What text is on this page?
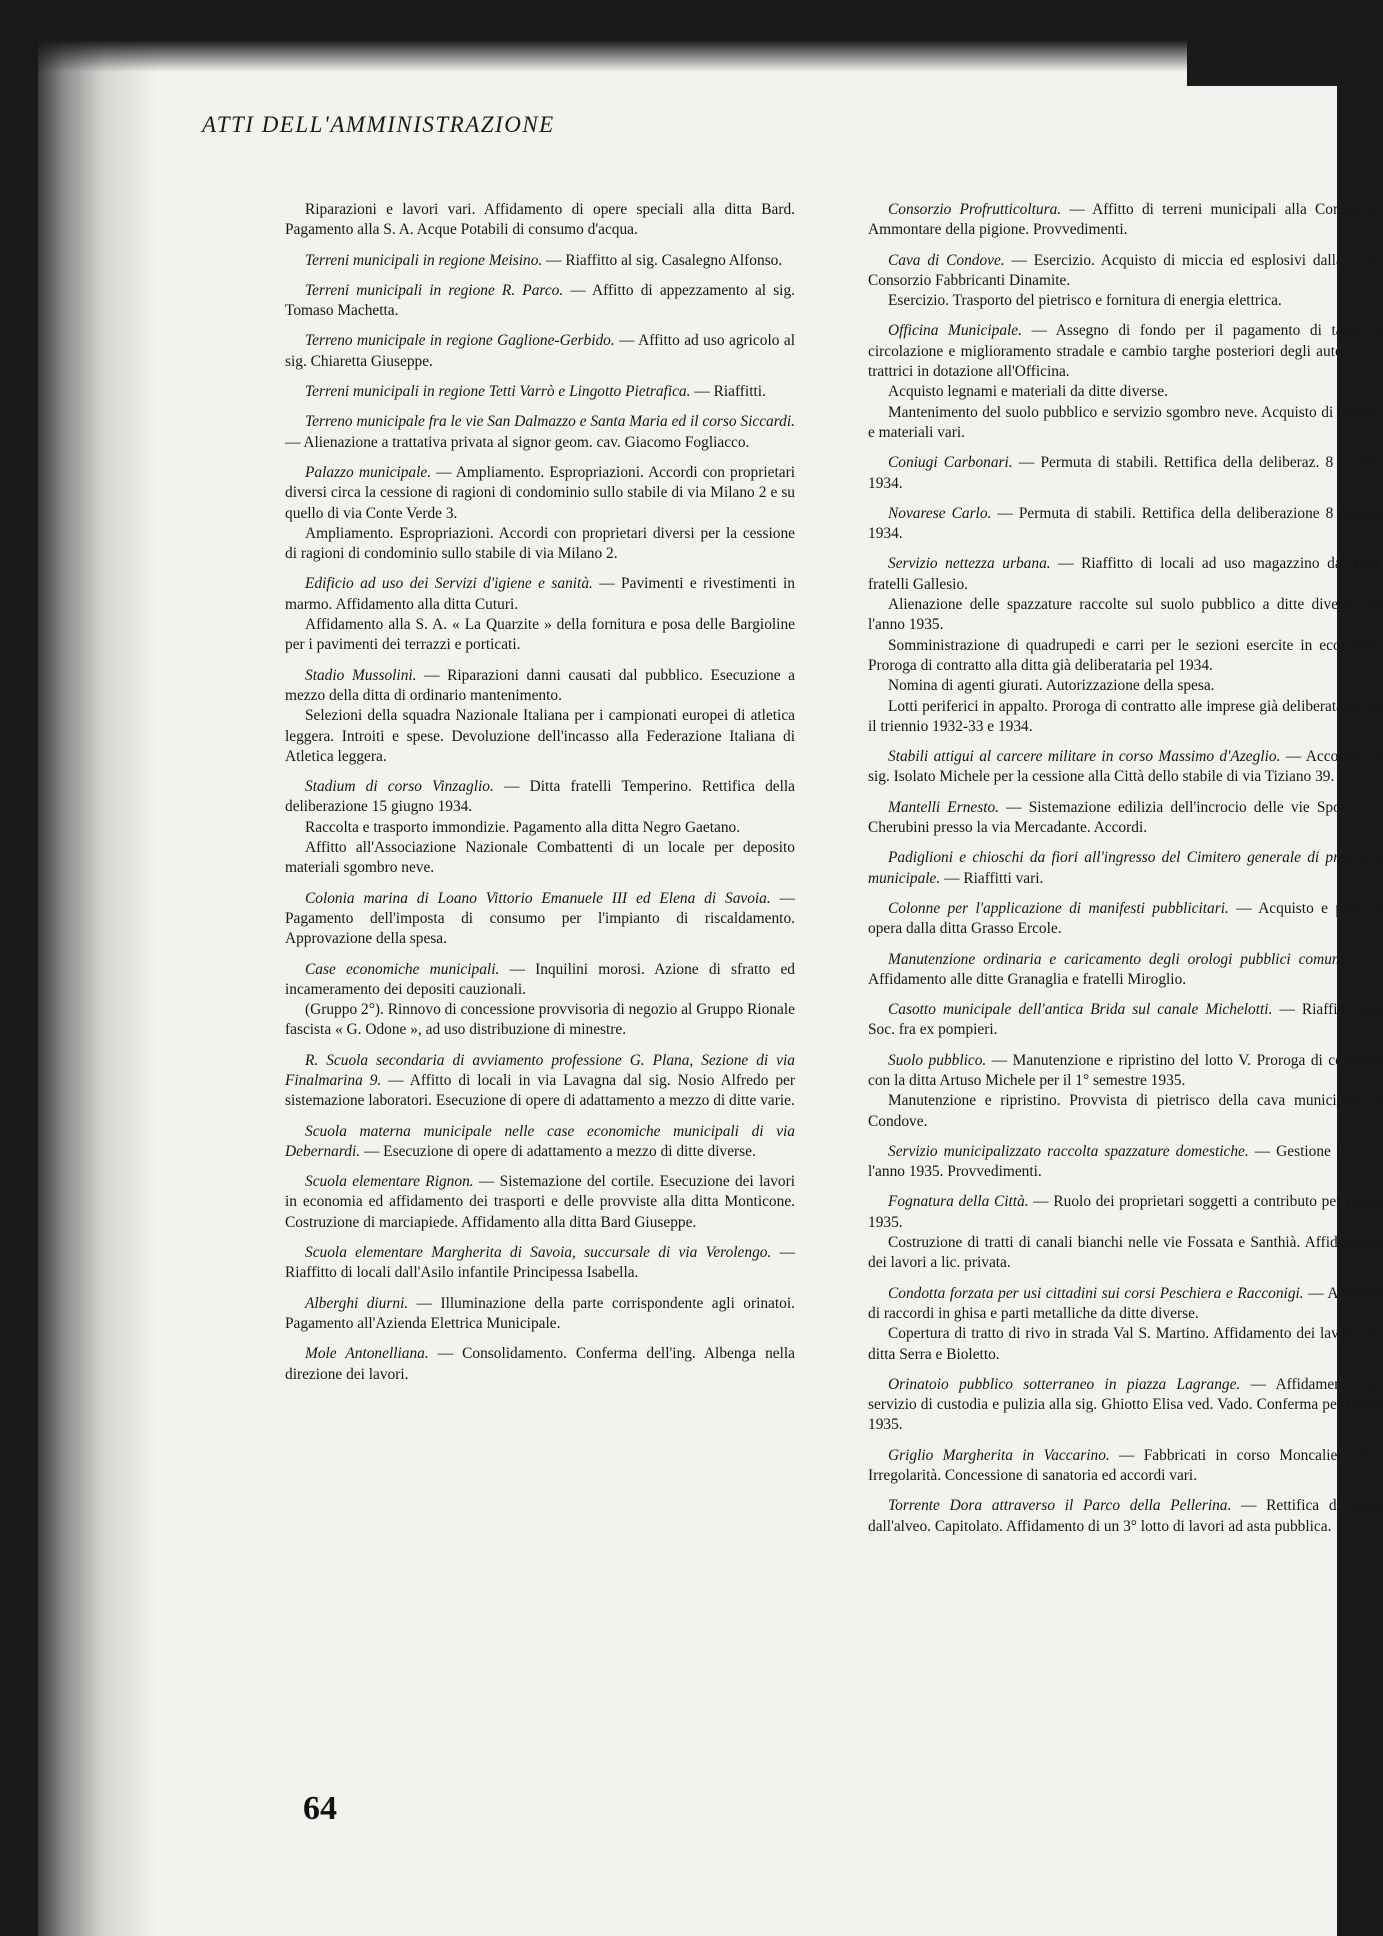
ATTI DELL'AMMINISTRAZIONE

Riparazioni e lavori vari. Affidamento di opere speciali alla ditta Bard. Pagamento alla S. A. Acque Potabili di consumo d'acqua.

Terreni municipali in regione Meisino. — Riaffitto al sig. Casalegno Alfonso.

Terreni municipali in regione R. Parco. — Affitto di appezzamento al sig. Tomaso Machetta.

Terreno municipale in regione Gaglione-Gerbido. — Affitto ad uso agricolo al sig. Chiaretta Giuseppe.

Terreni municipali in regione Tetti Varrò e Lingotto Pietrafica. — Riaffitti.

Terreno municipale fra le vie San Dalmazzo e Santa Maria ed il corso Siccardi. — Alienazione a trattativa privata al signor geom. cav. Giacomo Fogliacco.

Palazzo municipale. — Ampliamento. Espropriazioni. Accordi con proprietari diversi circa la cessione di ragioni di condominio sullo stabile di via Milano 2 e su quello di via Conte Verde 3.

Ampliamento. Espropriazioni. Accordi con proprietari diversi per la cessione di ragioni di condominio sullo stabile di via Milano 2.

Edificio ad uso dei Servizi d'igiene e sanità. — Pavimenti e rivestimenti in marmo. Affidamento alla ditta Cuturi.

Affidamento alla S. A. « La Quarzite » della fornitura e posa delle Bargioline per i pavimenti dei terrazzi e porticati.

Stadio Mussolini. — Riparazioni danni causati dal pubblico. Esecuzione a mezzo della ditta di ordinario mantenimento.

Selezioni della squadra Nazionale Italiana per i campionati europei di atletica leggera. Introiti e spese. Devoluzione dell'incasso alla Federazione Italiana di Atletica leggera.

Stadium di corso Vinzaglio. — Ditta fratelli Temperino. Rettifica della deliberazione 15 giugno 1934.

Raccolta e trasporto immondizie. Pagamento alla ditta Negro Gaetano.

Affitto all'Associazione Nazionale Combattenti di un locale per deposito materiali sgombro neve.

Colonia marina di Loano Vittorio Emanuele III ed Elena di Savoia. — Pagamento dell'imposta di consumo per l'impianto di riscaldamento. Approvazione della spesa.

Case economiche municipali. — Inquilini morosi. Azione di sfratto ed incameramento dei depositi cauzionali.

(Gruppo 2°). Rinnovo di concessione provvisoria di negozio al Gruppo Rionale fascista « G. Odone », ad uso distribuzione di minestre.

R. Scuola secondaria di avviamento professione G. Plana, Sezione di via Finalmarina 9. — Affitto di locali in via Lavagna dal sig. Nosio Alfredo per sistemazione laboratori. Esecuzione di opere di adattamento a mezzo di ditte varie.

Scuola materna municipale nelle case economiche municipali di via Debernardi. — Esecuzione di opere di adattamento a mezzo di ditte diverse.

Scuola elementare Rignon. — Sistemazione del cortile. Esecuzione dei lavori in economia ed affidamento dei trasporti e delle provviste alla ditta Monticone. Costruzione di marciapiede. Affidamento alla ditta Bard Giuseppe.

Scuola elementare Margherita di Savoia, succursale di via Verolengo. — Riaffitto di locali dall'Asilo infantile Principessa Isabella.

Alberghi diurni. — Illuminazione della parte corrispondente agli orinatoi. Pagamento all'Azienda Elettrica Municipale.

Mole Antonelliana. — Consolidamento. Conferma dell'ing. Albenga nella direzione dei lavori.

Consorzio Profrutticoltura. — Affitto di terreni municipali alla Continetta. Ammontare della pigione. Provvedimenti.

Cava di Condove. — Esercizio. Acquisto di miccia ed esplosivi dalla S. A. Consorzio Fabbricanti Dinamite.

Esercizio. Trasporto del pietrisco e fornitura di energia elettrica.

Officina Municipale. — Assegno di fondo per il pagamento di tasse di circolazione e miglioramento stradale e cambio targhe posteriori degli autocarri e trattrici in dotazione all'Officina.

Acquisto legnami e materiali da ditte diverse.

Mantenimento del suolo pubblico e servizio sgombro neve. Acquisto di attrezzi e materiali vari.

Coniugi Carbonari. — Permuta di stabili. Rettifica della deliberaz. 8 ottobre 1934.

Novarese Carlo. — Permuta di stabili. Rettifica della deliberazione 8 ottobre 1934.

Servizio nettezza urbana. — Riaffitto di locali ad uso magazzino dai sigg. fratelli Gallesio.

Alienazione delle spazzature raccolte sul suolo pubblico a ditte diverse per l'anno 1935.

Somministrazione di quadrupedi e carri per le sezioni esercite in economia. Proroga di contratto alla ditta già deliberataria pel 1934.

Nomina di agenti giurati. Autorizzazione della spesa.

Lotti periferici in appalto. Proroga di contratto alle imprese già deliberatarie per il triennio 1932-33 e 1934.

Stabili attigui al carcere militare in corso Massimo d'Azeglio. — Accordo col sig. Isolato Michele per la cessione alla Città dello stabile di via Tiziano 39.

Mantelli Ernesto. — Sistemazione edilizia dell'incrocio delle vie Spontini e Cherubini presso la via Mercadante. Accordi.

Padiglioni e chioschi da fiori all'ingresso del Cimitero generale di proprietà municipale. — Riaffitti vari.

Colonne per l'applicazione di manifesti pubblicitari. — Acquisto e posa in opera dalla ditta Grasso Ercole.

Manutenzione ordinaria e caricamento degli orologi pubblici comunali. — Affidamento alle ditte Granaglia e fratelli Miroglio.

Casotto municipale dell'antica Brida sul canale Michelotti. — Riaffitto alla Soc. fra ex pompieri.

Suolo pubblico. — Manutenzione e ripristino del lotto V. Proroga di contratto con la ditta Artuso Michele per il 1° semestre 1935.

Manutenzione e ripristino. Provvista di pietrisco della cava municipale di Condove.

Servizio municipalizzato raccolta spazzature domestiche. — Gestione durante l'anno 1935. Provvedimenti.

Fognatura della Città. — Ruolo dei proprietari soggetti a contributo per l'anno 1935.

Costruzione di tratti di canali bianchi nelle vie Fossata e Santhià. Affidamento dei lavori a lic. privata.

Condotta forzata per usi cittadini sui corsi Peschiera e Racconigi. — Acquisto di raccordi in ghisa e parti metalliche da ditte diverse.

Copertura di tratto di rivo in strada Val S. Martino. Affidamento dei lavori alla ditta Serra e Bioletto.

Orinatoio pubblico sotterraneo in piazza Lagrange. — Affidamento del servizio di custodia e pulizia alla sig. Ghiotto Elisa ved. Vado. Conferma per l'anno 1935.

Griglio Margherita in Vaccarino. — Fabbricati in corso Moncalieri 252. Irregolarità. Concessione di sanatoria ed accordi vari.

Torrente Dora attraverso il Parco della Pellerina. — Rettifica di tratto dall'alveo. Capitolato. Affidamento di un 3° lotto di lavori ad asta pubblica.

64
